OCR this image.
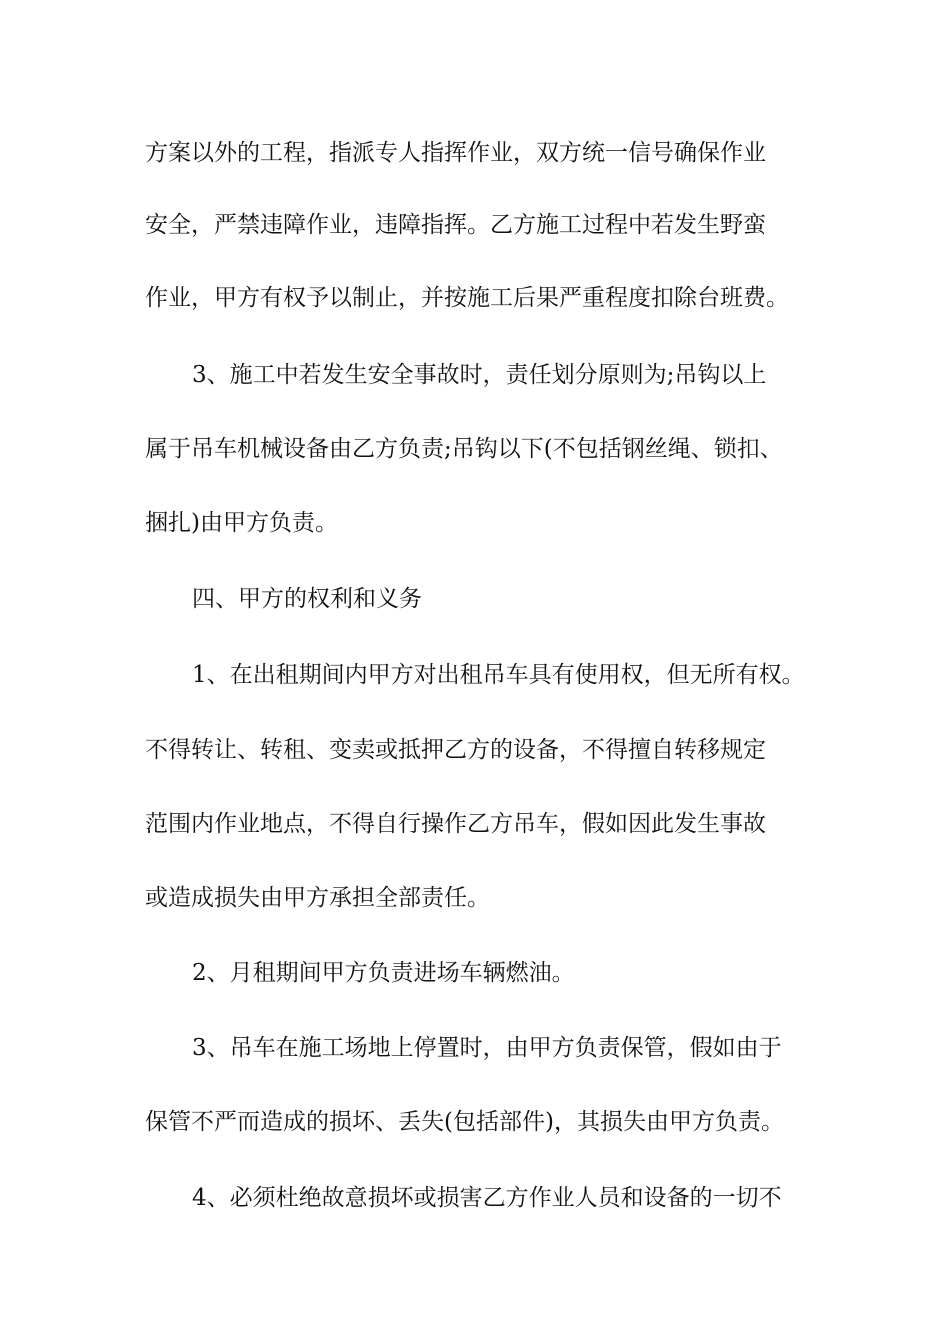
方案以外的工程，指派专人指挥作业，双方统一信号确保作业
安全，严禁违障作业，违障指挥。乙方施工过程中若发生野蛮
作业，甲方有权予以制止，并按施工后果严重程度扣除台班费。
3、施工中若发生安全事故时，责任划分原则为;吊钩以上
属于吊车机械设备由乙方负责;吊钩以下(不包括钢丝绳、锁扣、
捆扎)由甲方负责。
四、甲方的权利和义务
1、在出租期间内甲方对出租吊车具有使用权，但无所有权。
不得转让、转租、变卖或抵押乙方的设备，不得擅自转移规定
范围内作业地点，不得自行操作乙方吊车，假如因此发生事故
或造成损失由甲方承担全部责任。
2、月租期间甲方负责进场车辆燃油。
3、吊车在施工场地上停置时，由甲方负责保管，假如由于
保管不严而造成的损坏、丢失(包括部件)，其损失由甲方负责。
4、必须杜绝故意损坏或损害乙方作业人员和设备的一切不
